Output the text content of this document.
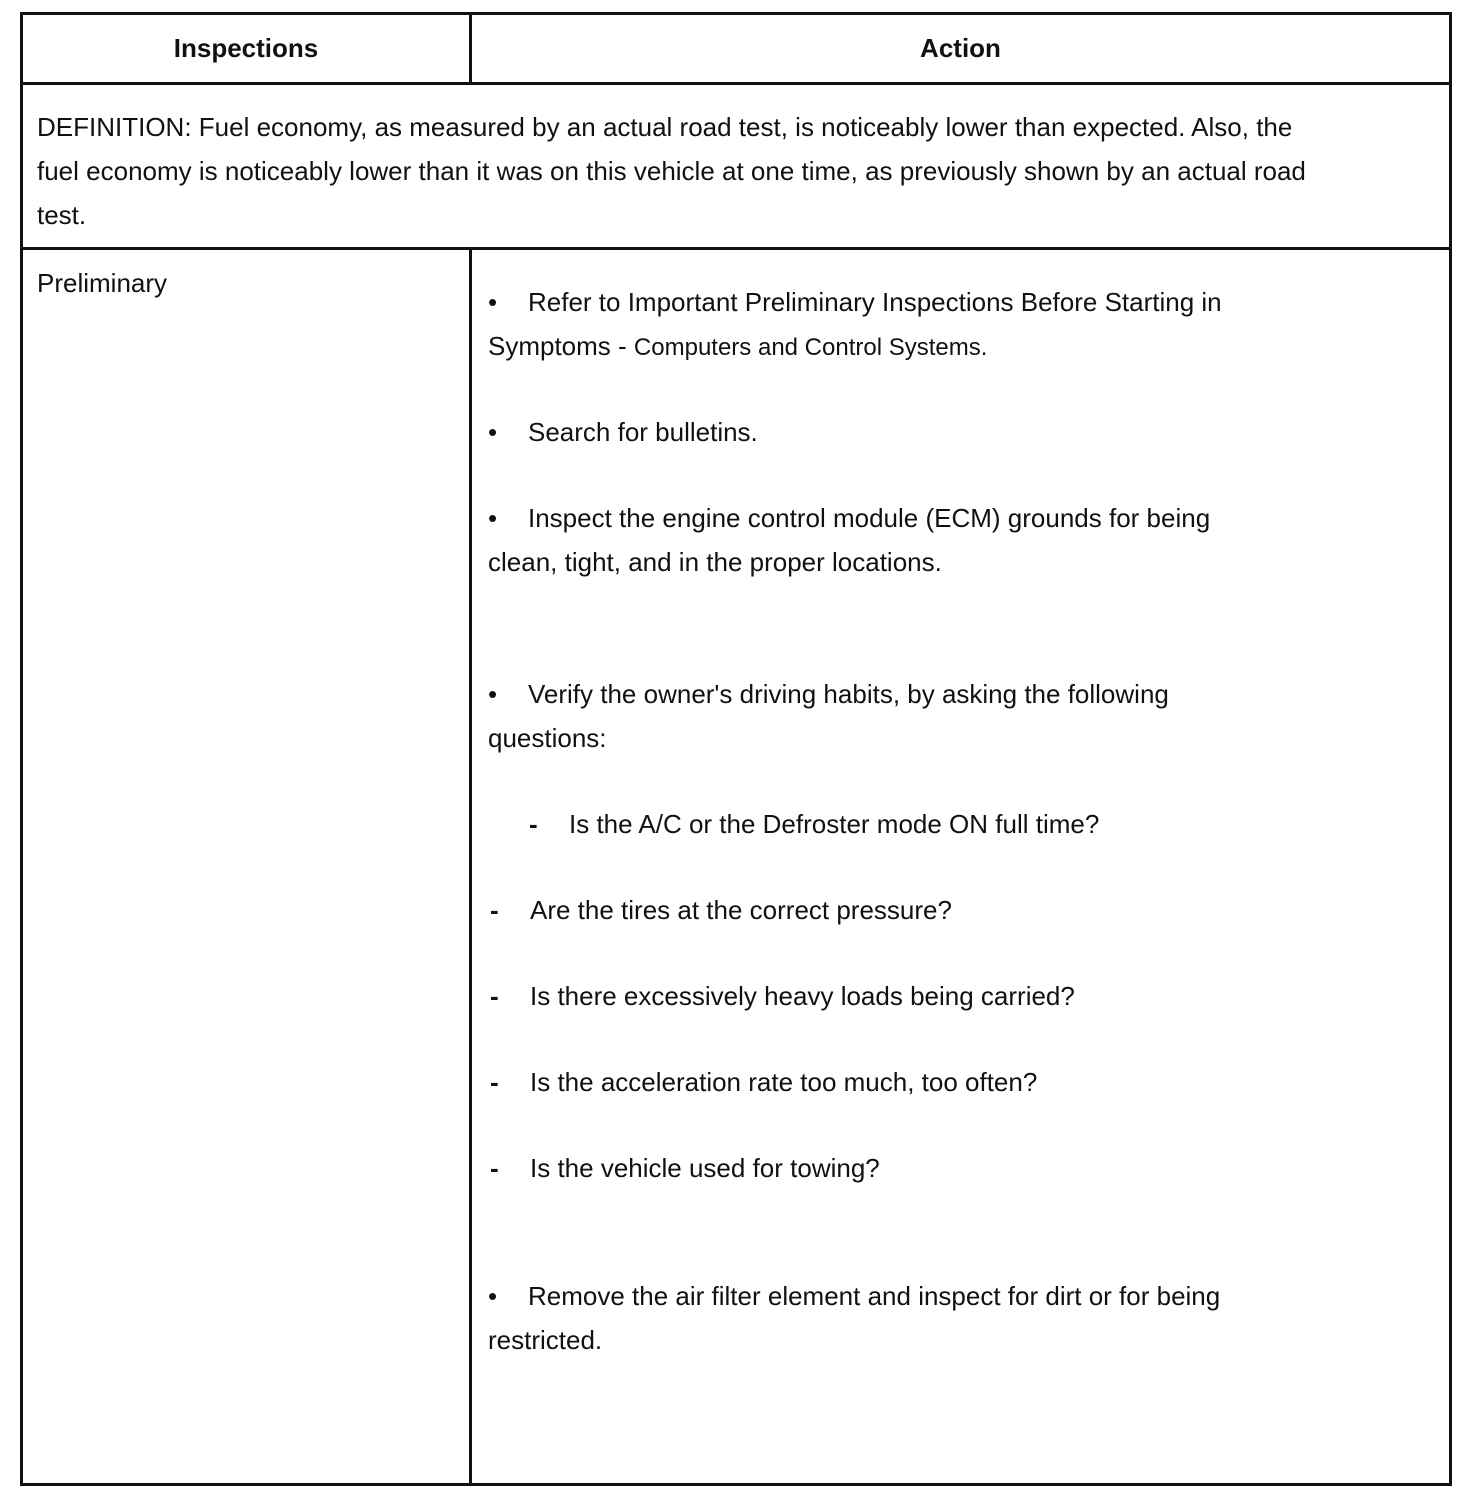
Inspections	Action
DEFINITION: Fuel economy, as measured by an actual road test, is noticeably lower than expected. Also, the fuel economy is noticeably lower than it was on this vehicle at one time, as previously shown by an actual road test.
Preliminary
• Refer to Important Preliminary Inspections Before Starting in Symptoms - Computers and Control Systems.
• Search for bulletins.
• Inspect the engine control module (ECM) grounds for being clean, tight, and in the proper locations.
• Verify the owner's driving habits, by asking the following questions:
- Is the A/C or the Defroster mode ON full time?
- Are the tires at the correct pressure?
- Is there excessively heavy loads being carried?
- Is the acceleration rate too much, too often?
- Is the vehicle used for towing?
• Remove the air filter element and inspect for dirt or for being restricted.
